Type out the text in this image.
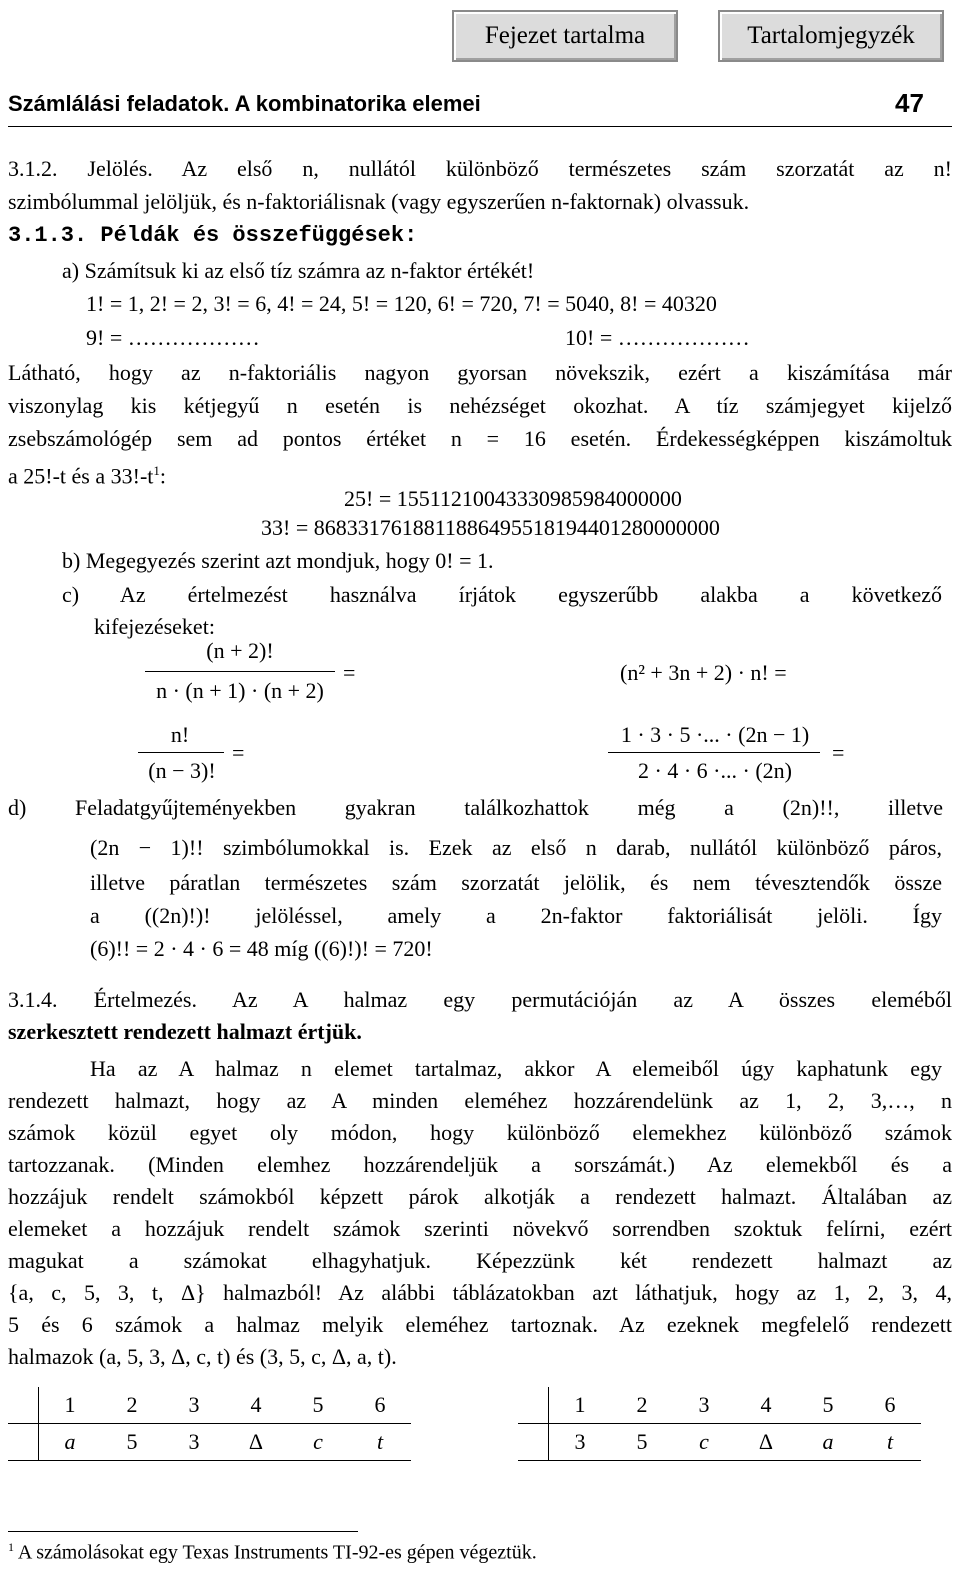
Fejezet tartalma	Tartalomjegyzék
Számlálási feladatok. A kombinatorika elemei	47
3.1.2. Jelölés. Az első n, nullától különböző természetes szám szorzatát az n!
szimbólummal jelöljük, és n-faktoriálisnak (vagy egyszerűen n-faktornak) olvassuk.
3.1.3. Példák és összefüggések:
a) Számítsuk ki az első tíz számra az n-faktor értékét!
1! = 1, 2! = 2, 3! = 6, 4! = 24, 5! = 120, 6! = 720, 7! = 5040, 8! = 40320
9! = ………………	10! = ………………
Látható, hogy az n-faktoriális nagyon gyorsan növekszik, ezért a kiszámítása már
viszonylag kis kétjegyű n esetén is nehézséget okozhat. A tíz számjegyet kijelző
zsebszámológép sem ad pontos értéket n = 16 esetén. Érdekességképpen kiszámoltuk
a 25!-t és a $33!-t^1$:
25! = 15511210043330985984000000
33! = 8683317618811886495518194401280000000
b) Megegyezés szerint azt mondjuk, hogy 0! = 1.
c) Az értelmezést használva írjátok egyszerűbb alakba a következő
kifejezéseket:
(n + 2)!
n · (n + 1) · (n + 2)
=	(n² + 3n + 2) · n! =
n!
(n − 3)!
=
1 · 3 · 5 ·... · (2n − 1)
2 · 4 · 6 ·... · (2n)
=
d) Feladatgyűjteményekben gyakran találkozhattok még a (2n)!!, illetve
(2n − 1)!! szimbólumokkal is. Ezek az első n darab, nullától különböző páros,
illetve páratlan természetes szám szorzatát jelölik, és nem tévesztendők össze
a ((2n)!)! jelöléssel, amely a 2n-faktor faktoriálisát jelöli. Így
(6)!! = 2 · 4 · 6 = 48 míg ((6)!)! = 720!
3.1.4. Értelmezés. Az A halmaz egy permutációján az A összes eleméből
szerkesztett rendezett halmazt értjük.
Ha az A halmaz n elemet tartalmaz, akkor A elemeiből úgy kaphatunk egy
rendezett halmazt, hogy az A minden eleméhez hozzárendelünk az 1, 2, 3,…, n
számok közül egyet oly módon, hogy különböző elemekhez különböző számok
tartozzanak. (Minden elemhez hozzárendeljük a sorszámát.) Az elemekből és a
hozzájuk rendelt számokból képzett párok alkotják a rendezett halmazt. Általában az
elemeket a hozzájuk rendelt számok szerinti növekvő sorrendben szoktuk felírni, ezért
magukat a számokat elhagyhatjuk. Képezzünk két rendezett halmazt az
{a, c, 5, 3, t, Δ} halmazból! Az alábbi táblázatokban azt láthatjuk, hogy az 1, 2, 3, 4,
5 és 6 számok a halmaz melyik eleméhez tartoznak. Az ezeknek megfelelő rendezett
halmazok (a, 5, 3, Δ, c, t) és (3, 5, c, Δ, a, t).
	1	2	3	4	5	6
	a	5	3	Δ	c	t
	1	2	3	4	5	6
	3	5	c	Δ	a	t
$^1$ A számolásokat egy Texas Instruments TI-92-es gépen végeztük.
